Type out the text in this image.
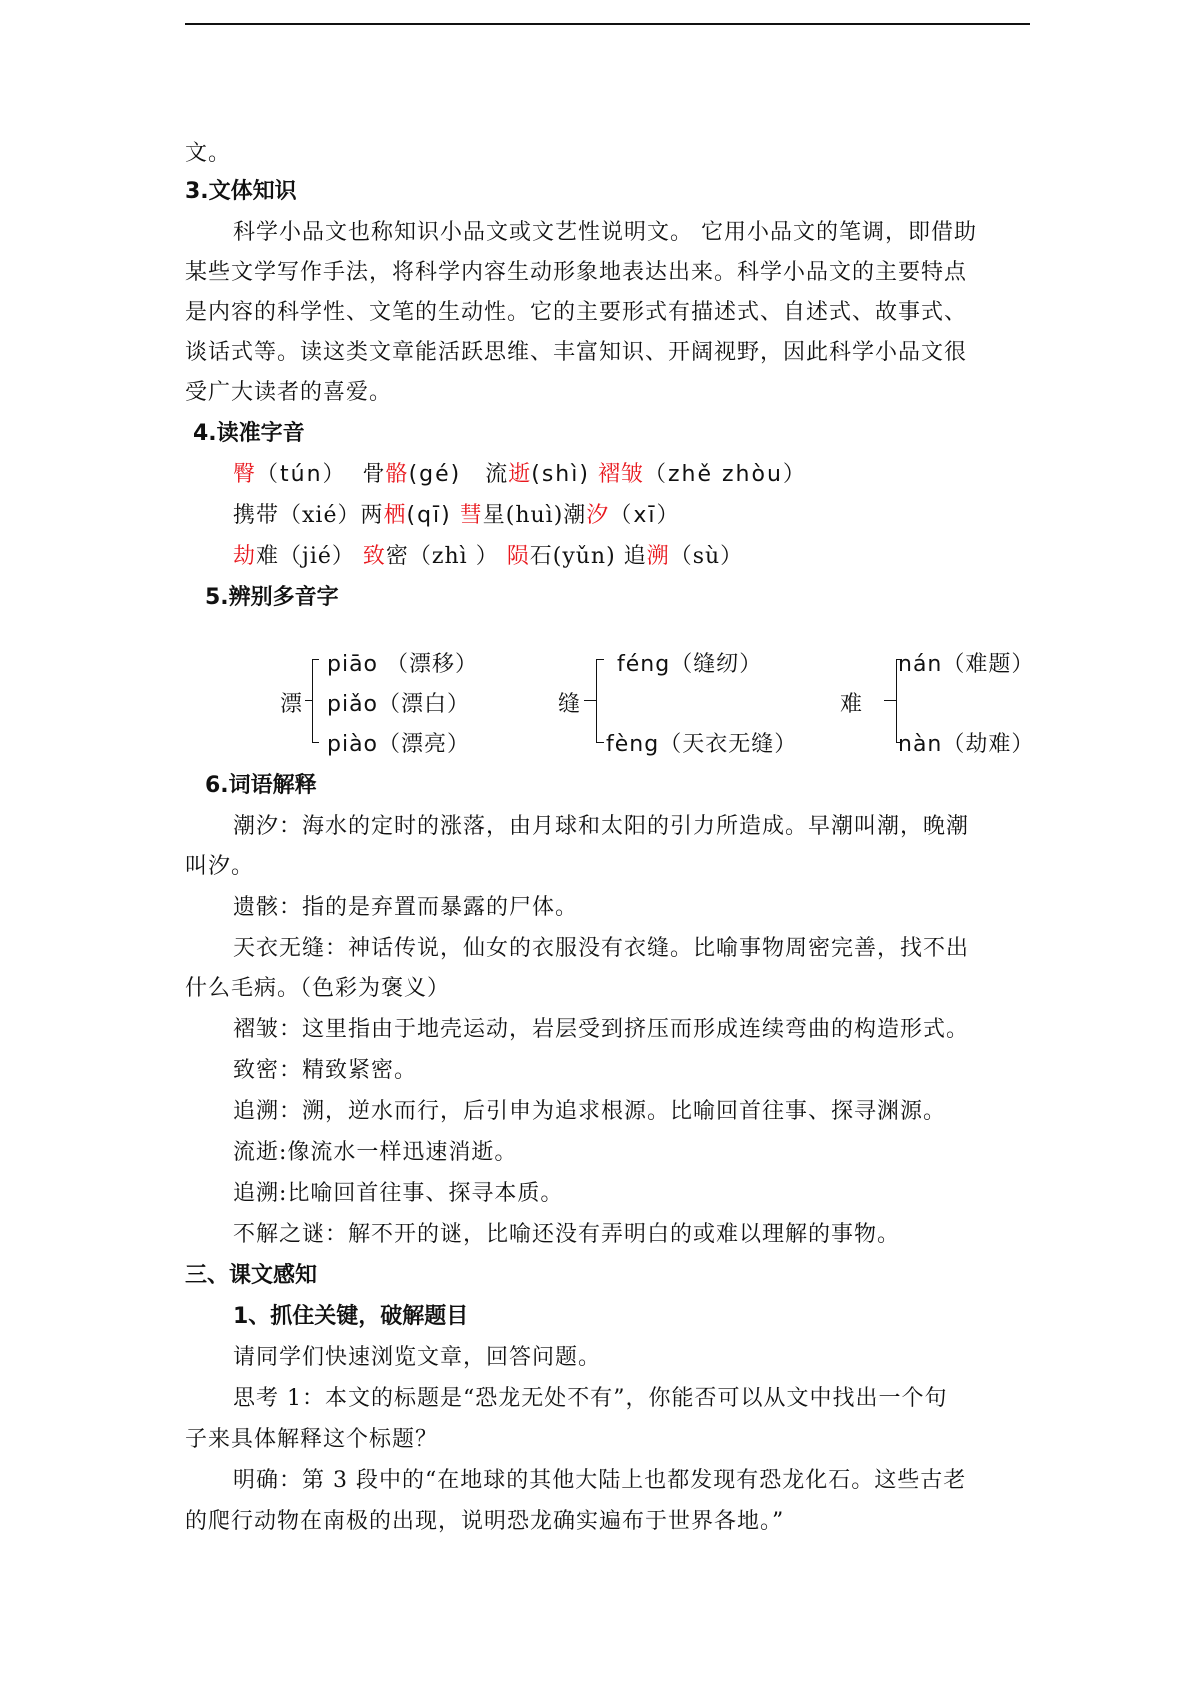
文。
3.文体知识
科学小品文也称知识小品文或文艺性说明文。 它用小品文的笔调，即借助
某些文学写作手法，将科学内容生动形象地表达出来。科学小品文的主要特点
是内容的科学性、文笔的生动性。它的主要形式有描述式、自述式、故事式、
谈话式等。读这类文章能活跃思维、丰富知识、开阔视野，因此科学小品文很
受广大读者的喜爱。
4.读准字音
臀（tún） 骨骼(gé) 流逝(shì) 褶皱（zhě zhòu）
携带（xié）两栖(qī) 彗星(huì)潮汐（xī）
劫难（jié） 致密（zhì ） 陨石(yǔn) 追溯（sù）
5.辨别多音字
漂
piāo （漂移）
piǎo（漂白）
piào（漂亮）
缝
féng（缝纫）
fèng（天衣无缝）
难
nán（难题）
nàn（劫难）
6.词语解释
潮汐：海水的定时的涨落，由月球和太阳的引力所造成。早潮叫潮，晚潮
叫汐。
遗骸：指的是弃置而暴露的尸体。
天衣无缝：神话传说，仙女的衣服没有衣缝。比喻事物周密完善，找不出
什么毛病。（色彩为褒义）
褶皱：这里指由于地壳运动，岩层受到挤压而形成连续弯曲的构造形式。
致密：精致紧密。
追溯：溯，逆水而行，后引申为追求根源。比喻回首往事、探寻渊源。
流逝:像流水一样迅速消逝。
追溯:比喻回首往事、探寻本质。
不解之谜：解不开的谜，比喻还没有弄明白的或难以理解的事物。
三、课文感知
1、抓住关键，破解题目
请同学们快速浏览文章，回答问题。
思考 1：本文的标题是“恐龙无处不有”，你能否可以从文中找出一个句
子来具体解释这个标题？
明确：第 3 段中的“在地球的其他大陆上也都发现有恐龙化石。这些古老
的爬行动物在南极的出现，说明恐龙确实遍布于世界各地。”
